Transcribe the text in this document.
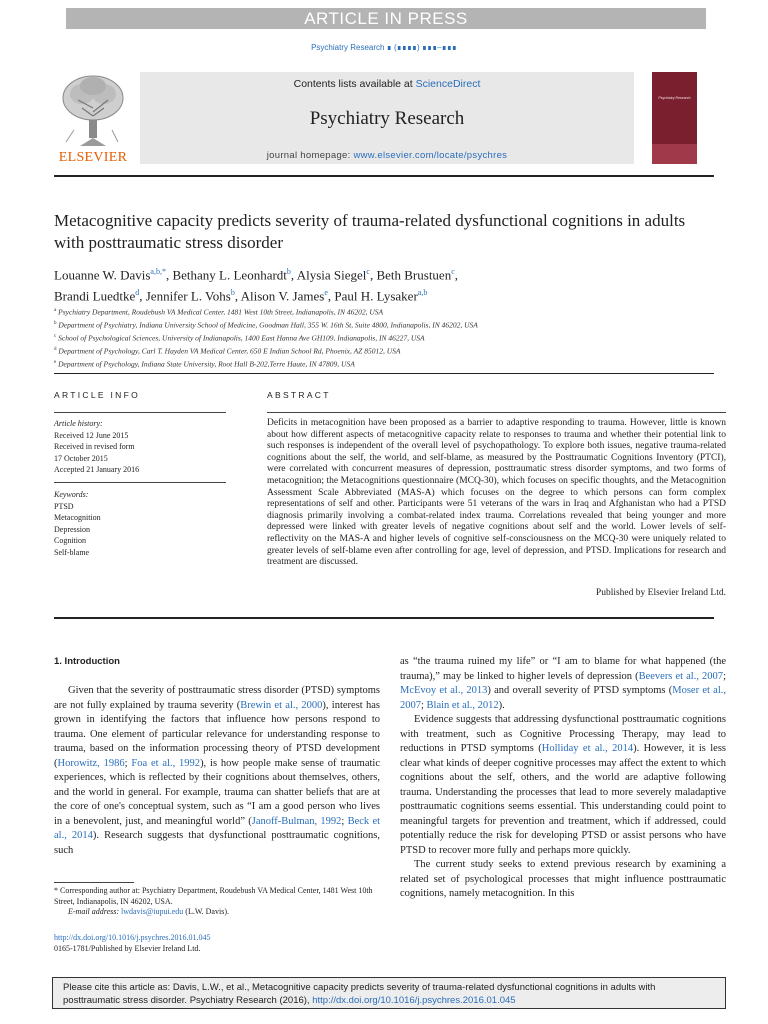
ARTICLE IN PRESS
Psychiatry Research ∎ (∎∎∎∎) ∎∎∎–∎∎∎
ELSEVIER
Contents lists available at ScienceDirect
Psychiatry Research
journal homepage: www.elsevier.com/locate/psychres
Psychiatry Research
Metacognitive capacity predicts severity of trauma-related dysfunctional cognitions in adults with posttraumatic stress disorder
Louanne W. Davis$^{a,b,*}$, Bethany L. Leonhardt$^b$, Alysia Siegel$^c$, Beth Brustuen$^c$,
Brandi Luedtke$^d$, Jennifer L. Vohs$^b$, Alison V. James$^e$, Paul H. Lysaker$^{a,b}$
$^a$ Psychiatry Department, Roudebush VA Medical Center, 1481 West 10th Street, Indianapolis, IN 46202, USA
$^b$ Department of Psychiatry, Indiana University School of Medicine, Goodman Hall, 355 W. 16th St, Suite 4800, Indianapolis, IN 46202, USA
$^c$ School of Psychological Sciences, University of Indianapolis, 1400 East Hanna Ave GH109, Indianapolis, IN 46227, USA
$^d$ Department of Psychology, Carl T. Hayden VA Medical Center, 650 E Indian School Rd, Phoenix, AZ 85012, USA
$^e$ Department of Psychology, Indiana State University, Root Hall B-202,Terre Haute, IN 47809, USA
ARTICLE INFO
Article history:
Received 12 June 2015
Received in revised form
17 October 2015
Accepted 21 January 2016
Keywords:
PTSD
Metacognition
Depression
Cognition
Self-blame
ABSTRACT
Deficits in metacognition have been proposed as a barrier to adaptive responding to trauma. However, little is known about how different aspects of metacognitive capacity relate to responses to trauma and whether their potential link to such responses is independent of the overall level of psychopathology. To explore both issues, negative trauma-related cognitions about the self, the world, and self-blame, as measured by the Posttraumatic Cognitions Inventory (PTCI), were correlated with concurrent measures of depression, posttraumatic stress disorder symptoms, and two forms of metacognition; the Metacognitions questionnaire (MCQ-30), which focuses on specific thoughts, and the Metacognition Assessment Scale Abbreviated (MAS-A) which focuses on the degree to which persons can form complex representations of self and other. Participants were 51 veterans of the wars in Iraq and Afghanistan who had a PTSD diagnosis primarily involving a combat-related index trauma. Correlations revealed that being younger and more depressed were linked with greater levels of negative cognitions about self and the world. Lower levels of self-reflectivity on the MAS-A and higher levels of cognitive self-consciousness on the MCQ-30 were uniquely related to greater levels of self-blame even after controlling for age, level of depression, and PTSD. Implications for research and treatment are discussed.
Published by Elsevier Ireland Ltd.
1. Introduction

Given that the severity of posttraumatic stress disorder (PTSD) symptoms are not fully explained by trauma severity (Brewin et al., 2000), interest has grown in identifying the factors that influence how persons respond to trauma. One element of particular relevance for understanding response to trauma, based on the information processing theory of PTSD development (Horowitz, 1986; Foa et al., 1992), is how people make sense of traumatic experiences, which is reflected by their cognitions about themselves, others, and the world in general. For example, trauma can shatter beliefs that are at the core of one's conceptual system, such as “I am a good person who lives in a benevolent, just, and meaningful world” (Janoff-Bulman, 1992; Beck et al., 2014). Research suggests that dysfunctional posttraumatic cognitions, such

as “the trauma ruined my life” or “I am to blame for what happened (the trauma),” may be linked to higher levels of depression (Beevers et al., 2007; McEvoy et al., 2013) and overall severity of PTSD symptoms (Moser et al., 2007; Blain et al., 2012).

Evidence suggests that addressing dysfunctional posttraumatic cognitions with treatment, such as Cognitive Processing Therapy, may lead to reductions in PTSD symptoms (Holliday et al., 2014). However, it is less clear what kinds of deeper cognitive processes may affect the extent to which cognitions about the self, others, and the world are adaptive following trauma. Understanding the processes that lead to more severely maladaptive posttraumatic cognitions seems essential. This understanding could point to meaningful targets for prevention and treatment, which if addressed, could potentially reduce the risk for developing PTSD or assist persons who have PTSD to recover more fully and perhaps more quickly.

The current study seeks to extend previous research by examining a related set of psychological processes that might influence posttraumatic cognitions, namely metacognition. In this

* Corresponding author at: Psychiatry Department, Roudebush VA Medical Center, 1481 West 10th Street, Indianapolis, IN 46202, USA.
E-mail address: lwdavis@iupui.edu (L.W. Davis).
http://dx.doi.org/10.1016/j.psychres.2016.01.045
0165-1781/Published by Elsevier Ireland Ltd.
Please cite this article as: Davis, L.W., et al., Metacognitive capacity predicts severity of trauma-related dysfunctional cognitions in adults with posttraumatic stress disorder. Psychiatry Research (2016), http://dx.doi.org/10.1016/j.psychres.2016.01.045
